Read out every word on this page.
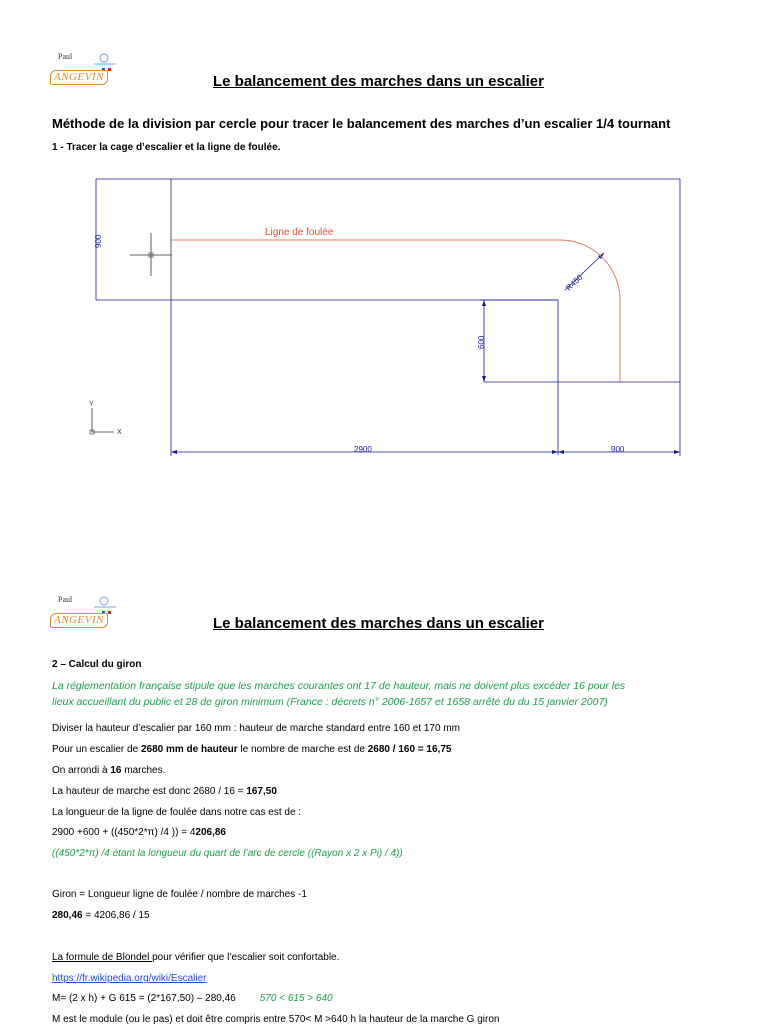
Paul
ANGEVIN	Le balancement des marches dans un escalier
Méthode de la division par cercle pour tracer le balancement des marches d’un escalier 1/4 tournant
1 - Tracer la cage d’escalier et la ligne de foulée.
Y
X
Ligne de foulée
900
R450
600
2900	900
Paul
ANGEVIN	Le balancement des marches dans un escalier
2 – Calcul du giron
La réglementation française stipule que les marches courantes ont 17 de hauteur, mais ne doivent plus excéder 16 pour les
lieux accueillant du public et 28 de giron minimum (France : décrets n° 2006-1657 et 1658 arrêté du du 15 janvier 2007)
Diviser la hauteur d’escalier par 160 mm : hauteur de marche standard entre 160 et 170 mm
Pour un escalier de 2680 mm de hauteur le nombre de marche est de 2680 / 160 = 16,75
On arrondi à 16 marches.
La hauteur de marche est donc 2680 / 16 = 167,50
La longueur de la ligne de foulée dans notre cas est de :
2900 +600 + ((450*2*π) /4 )) = 4206,86
((450*2*π) /4 étant la longueur du quart de l’arc de cercle ((Rayon x 2 x Pi) / 4))
Giron = Longueur ligne de foulée / nombre de marches -1
280,46 = 4206,86 / 15
La formule de Blondel pour vérifier que l’escalier soit confortable.
https://fr.wikipedia.org/wiki/Escalier
M= (2 x h) + G 615 = (2*167,50) – 280,46 570 < 615 > 640
M est le module (ou le pas) et doit être compris entre 570< M >640 h la hauteur de la marche G giron
